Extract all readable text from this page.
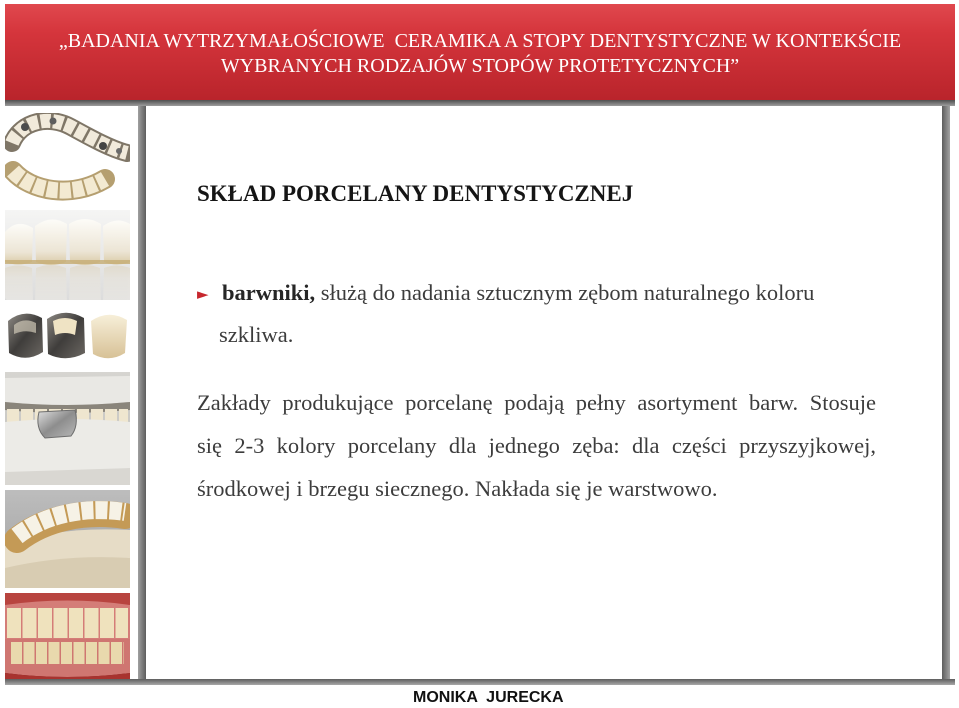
„BADANIA WYTRZYMAŁOŚCIOWE  CERAMIKA A STOPY DENTYSTYCZNE W KONTEKŚCIE
WYBRANYCH RODZAJÓW STOPÓW PROTETYCZNYCH”
SKŁAD PORCELANY DENTYSTYCZNEJ
► barwniki, służą do nadania sztucznym zębom naturalnego koloru
szkliwa.
Zakłady produkujące porcelanę podają pełny asortyment barw. Stosuje
się 2-3 kolory porcelany dla jednego zęba: dla części przyszyjkowej,
środkowej i brzegu siecznego. Nakłada się je warstwowo.
MONIKA  JURECKA
